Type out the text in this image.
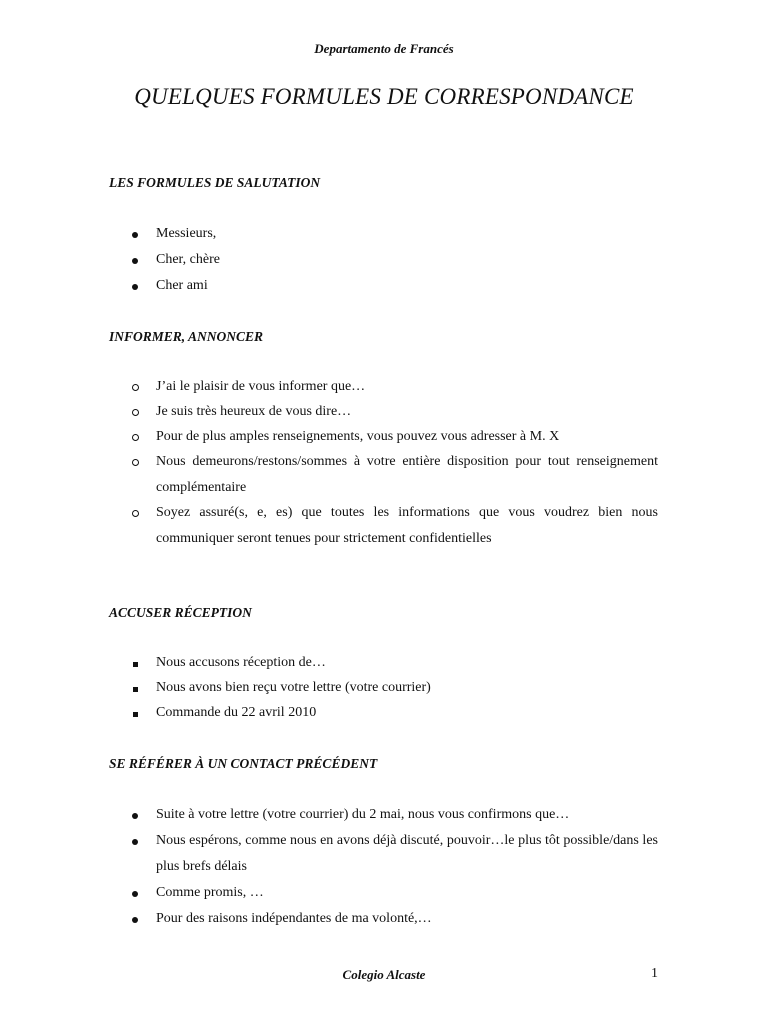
Departamento de Francés
QUELQUES FORMULES DE CORRESPONDANCE
LES FORMULES DE SALUTATION
Messieurs,
Cher, chère
Cher ami
INFORMER, ANNONCER
J’ai le plaisir de vous informer que…
Je suis très heureux de vous dire…
Pour de plus amples renseignements, vous pouvez vous adresser à M. X
Nous demeurons/restons/sommes à votre entière disposition pour tout renseignement complémentaire
Soyez assuré(s, e, es) que toutes les informations que vous voudrez bien nous communiquer seront tenues pour strictement confidentielles
ACCUSER RÉCEPTION
Nous accusons réception de…
Nous avons bien reçu votre lettre (votre courrier)
Commande du 22 avril 2010
SE RÉFÉRER À UN CONTACT PRÉCÉDENT
Suite à votre lettre (votre courrier) du 2 mai, nous vous confirmons que…
Nous espérons, comme nous en avons déjà discuté, pouvoir…le plus tôt possible/dans les plus brefs délais
Comme promis, …
Pour des raisons indépendantes de ma volonté,…
Colegio Alcaste	1
